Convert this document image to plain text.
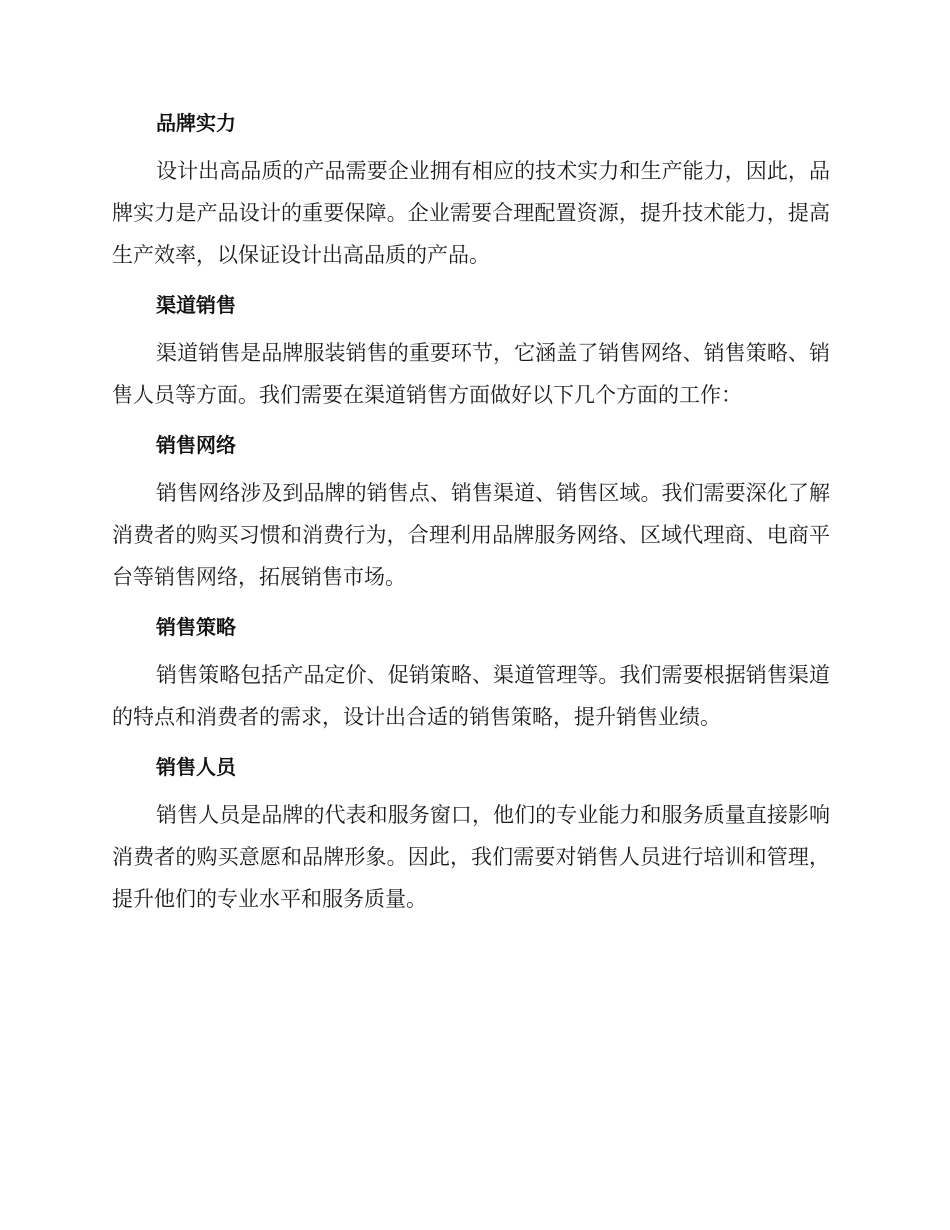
品牌实力

设计出高品质的产品需要企业拥有相应的技术实力和生产能力，因此，品牌实力是产品设计的重要保障。企业需要合理配置资源，提升技术能力，提高生产效率，以保证设计出高品质的产品。

渠道销售

渠道销售是品牌服装销售的重要环节，它涵盖了销售网络、销售策略、销售人员等方面。我们需要在渠道销售方面做好以下几个方面的工作：

销售网络

销售网络涉及到品牌的销售点、销售渠道、销售区域。我们需要深化了解消费者的购买习惯和消费行为，合理利用品牌服务网络、区域代理商、电商平台等销售网络，拓展销售市场。

销售策略

销售策略包括产品定价、促销策略、渠道管理等。我们需要根据销售渠道的特点和消费者的需求，设计出合适的销售策略，提升销售业绩。

销售人员

销售人员是品牌的代表和服务窗口，他们的专业能力和服务质量直接影响消费者的购买意愿和品牌形象。因此，我们需要对销售人员进行培训和管理，提升他们的专业水平和服务质量。
